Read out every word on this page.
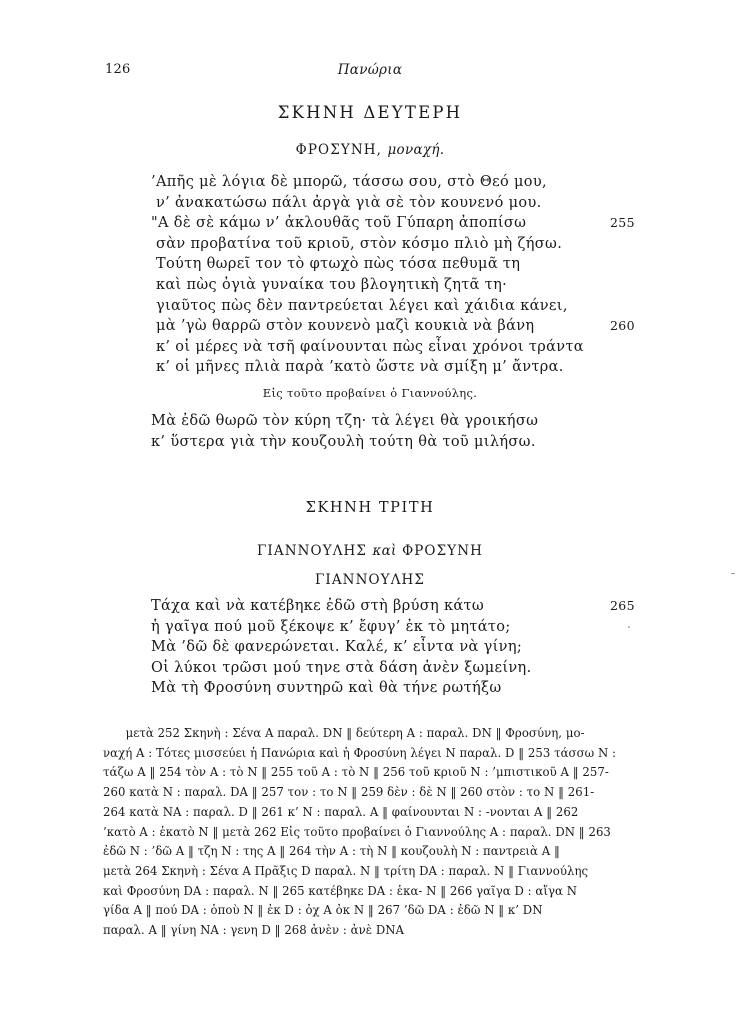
126	Πανώρια
ΣΚΗΝΗ ΔΕΥΤΕΡΗ
ΦΡΟΣΥΝΗ, μοναχή.
’Απῆς μὲ λόγια δὲ μπορῶ, τάσσω σου, στὸ Θεό μου,
ν’ ἀνακατώσω πάλι ἀργὰ γιὰ σὲ τὸν κουνενό μου.
"Α δὲ σὲ κάμω ν’ ἀκλουθᾶς τοῦ Γύπαρη ἀποπίσω	255
σὰν προβατίνα τοῦ κριοῦ, στὸν κόσμο πλιὸ μὴ ζήσω.
Τούτη θωρεῖ τον τὸ φτωχὸ πὼς τόσα πεθυμᾶ τη
καὶ πὼς ὀγιὰ γυναίκα του βλογητικὴ ζητᾶ τη·
γιαῦτος πὼς δὲν παντρεύεται λέγει καὶ χάιδια κάνει,
μὰ ’γὼ θαρρῶ στὸν κουνενὸ μαζὶ κουκιὰ νὰ βάνη	260
κ’ οἱ μέρες νὰ τσῆ φαίνουνται πὼς εἶναι χρόνοι τράντα
κ’ οἱ μῆνες πλιὰ παρὰ ’κατὸ ὥστε νὰ σμίξη μ’ ἄντρα.
Εἰς τοῦτο προβαίνει ὁ Γιαννούλης.
Μὰ ἐδῶ θωρῶ τὸν κύρη τζη· τὰ λέγει θὰ γροικήσω
κ’ ὕστερα γιὰ τὴν κουζουλὴ τούτη θὰ τοῦ μιλήσω.
ΣΚΗΝΗ ΤΡΙΤΗ
ΓΙΑΝΝΟΥΛΗΣ καὶ ΦΡΟΣΥΝΗ
ΓΙΑΝΝΟΥΛΗΣ
Τάχα καὶ νὰ κατέβηκε ἐδῶ στὴ βρύση κάτω	265
ἡ γαῖγα πού μοῦ ξέκοψε κ’ ἔφυγ’ ἐκ τὸ μητάτο;
Μὰ ’δῶ δὲ φανερώνεται. Καλέ, κ’ εἶντα νὰ γίνη;
Οἱ λύκοι τρῶσι μού τηνε στὰ δάση ἀνὲν ξωμείνη.
Μὰ τὴ Φροσύνη συντηρῶ καὶ θὰ τήνε ρωτήξω
μετὰ 252 Σκηνὴ : Σέvα Α παραλ. DN ‖ δεύτερη Α : παραλ. DN ‖ Φροσύνη, μο-
ναχή Α : Τότες μισσεύει ἡ Πανώρια καὶ ἡ Φροσύνη λέγει Ν παραλ. D ‖ 253 τάσσω Ν :
τάζω Α ‖ 254 τὸν Α : τὸ Ν ‖ 255 τοῦ Α : τὸ Ν ‖ 256 τοῦ κριοῦ Ν : ’μπιστικοῦ Α ‖ 257-
260 κατὰ Ν : παραλ. DΑ ‖ 257 τον : το Ν ‖ 259 δὲν : δὲ Ν ‖ 260 στὸν : το Ν ‖ 261-
264 κατὰ ΝΑ : παραλ. D ‖ 261 κ’ Ν : παραλ. Α ‖ φαίνουνται Ν : -νονται Α ‖ 262
’κατὸ Α : ἑκατὸ Ν ‖ μετὰ 262 Εἰς τοῦτο προβαίνει ὁ Γιαννούλης Α : παραλ. DN ‖ 263
ἐδῶ Ν : ’δῶ Α ‖ τζη Ν : της Α ‖ 264 τὴν Α : τὴ Ν ‖ κουζουλὴ Ν : παντρειὰ Α ‖
μετὰ 264 Σκηνὴ : Σέvα Α Πρᾶξις D παραλ. Ν ‖ τρίτη DΑ : παραλ. Ν ‖ Γιαννούλης
καὶ Φροσύνη DΑ : παραλ. Ν ‖ 265 κατέβηκε DΑ : ἑκα- Ν ‖ 266 γαῖγα D : αἴγα Ν
γίδα Α ‖ πού DΑ : ὁποὺ Ν ‖ ἐκ D : ὀχ Α ὀκ Ν ‖ 267 ’δῶ DΑ : ἐδῶ Ν ‖ κ’ DN
παραλ. Α ‖ γίνη ΝΑ : γενη D ‖ 268 ἀνὲν : ἀνὲ DNΑ
